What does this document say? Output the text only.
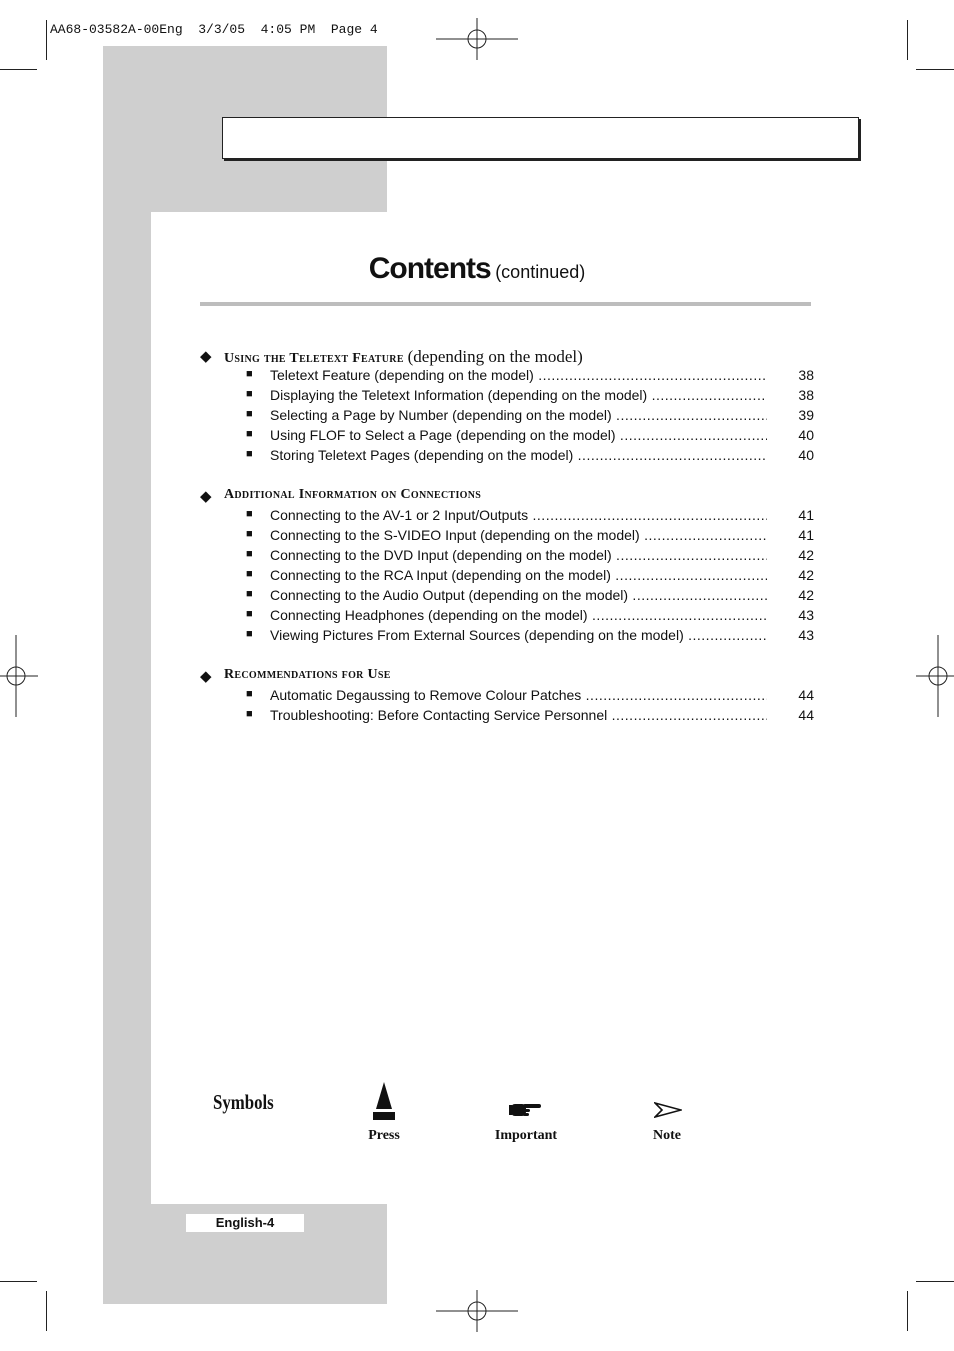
AA68-03582A-00Eng  3/3/05  4:05 PM  Page 4
Contents (continued)
◆ Using the Teletext Feature (depending on the model)
■ Teletext Feature (depending on the model) .....	38
■ Displaying the Teletext Information (depending on the model) .....	38
■ Selecting a Page by Number (depending on the model) .....	39
■ Using FLOF to Select a Page (depending on the model) .....	40
■ Storing Teletext Pages (depending on the model) .....	40
◆ Additional Information on Connections
■ Connecting to the AV-1 or 2 Input/Outputs .....	41
■ Connecting to the S-VIDEO Input (depending on the model) .....	41
■ Connecting to the DVD Input (depending on the model) .....	42
■ Connecting to the RCA Input (depending on the model) .....	42
■ Connecting to the Audio Output (depending on the model) .....	42
■ Connecting Headphones (depending on the model) .....	43
■ Viewing Pictures From External Sources (depending on the model) .....	43
◆ Recommendations for Use
■ Automatic Degaussing to Remove Colour Patches .....	44
■ Troubleshooting: Before Contacting Service Personnel .....	44
Symbols
Press	Important	Note
English-4
